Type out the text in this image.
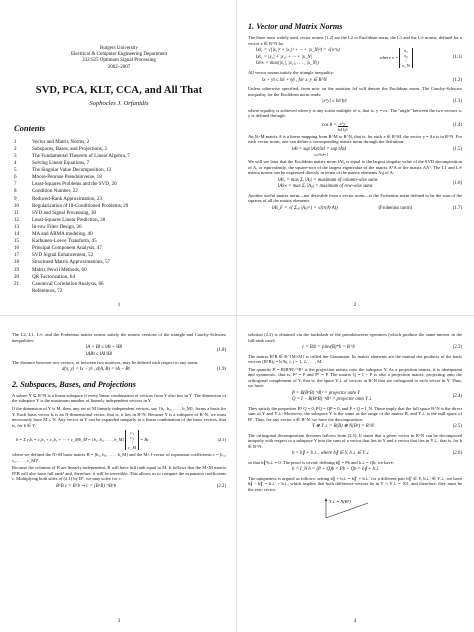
Rutgers University
Electrical & Computer Engineering Department
332:525 Optimum Signal Processing
2002–2007
SVD, PCA, KLT, CCA, and All That
Sophocles J. Orfanidis
Contents
1	Vector and Matrix Norms, 2
2	Subspaces, Bases, and Projections, 3
3	The Fundamental Theorem of Linear Algebra, 7
4	Solving Linear Equations, 7
5	The Singular Value Decomposition, 13
6	Moore-Penrose Pseudoinverse, 18
7	Least-Squares Problems and the SVD, 20
8	Condition Number, 22
9	Reduced-Rank Approximation, 23
10	Regularization of Ill-Conditioned Problems, 29
11	SVD and Signal Processing, 30
12	Least-Squares Linear Prediction, 38
13	In-row Filter Design, 36
14	MA and ARMA modeling, 40
15	Karhunen-Loeve Transform, 45
16	Principal Component Analysis, 47
17	SVD Signal Enhancement, 52
18	Structured Matrix Approximations, 57
19	Matrix Pencil Methods, 60
20	QR Factorization, 64
21	Canonical Correlation Analysis, 66
References, 72
1
1. Vector and Matrix Norms

The three most widely used vector norms [1,2] are the L2 or Euclidean norm, the L1 and the L∞ norms, defined for a vector x ∈ R^N by:

‖x‖₂ = √(|x₁|² + |x₂|² + ··· + |x_N|²) = √(xᵀx)
‖x‖₁ = |x₁| + |x₂| + ··· + |x_N|
‖x‖∞ = max(|x₁|, |x₂|, . . . , |x_N|)
where x =

x₁
x₂
⋮
x_N
(1.1)

All vector norms satisfy the triangle inequality:

‖x + y‖ ≤ ‖x‖ + ‖y‖ , for x, y ∈ R^N	(1.2)

Unless otherwise specified, from now on the notation ‖x‖ will denote the Euclidean norm. The Cauchy-Schwarz inequality for the Euclidean norm reads:

|xᵀy| ≤ ‖x‖ ‖y‖	(1.3)

where equality is achieved when y is any scalar multiple of x, that is, y = cx. The "angle" between the two vectors x, y is defined through:

cos θ =
$\frac{\text{xᵀy}}{‖x‖ ‖y‖}$	(1.4)

An N×M matrix A is a linear mapping from R^M to R^N, that is, for each x ∈ R^M, the vector y = Ax is in R^N. For each vector norm, one can define a corresponding matrix norm through the definition:

‖A‖ = sup ‖Ax‖/‖x‖ = sup ‖Ax‖
x≠0 ‖x‖=1
(1.5)

We will see later that the Euclidean matrix norm ‖A‖₂ is equal to the largest singular value of the SVD decomposition of A, or equivalently, the square-root of the largest eigenvalue of the matrix AᵀA or the matrix AAᵀ. The L1 and L∞ matrix norms can be expressed directly in terms of the matrix elements Aij of A:

‖A‖₁ = max Σᵢ |Aᵢⱼ| = maximum of column-wise sums
‖A‖∞ = max Σⱼ |Aᵢⱼ| = maximum of row-wise sums
(1.6)

Another useful matrix norm—not derivable from a vector norm—is the Frobenius norm defined to be the sum of the squares of all the matrix elements:

‖A‖_F = √( Σᵢ,ⱼ |Aᵢⱼ|² ) = √(tr(AᵀA))	(Frobenius norm)	(1.7)
2

The L2, L1, L∞, and the Frobenius matrix norms satisfy the matrix versions of the triangle and Cauchy-Schwarz inequalities:

‖A + B‖ ≤ ‖A‖ + ‖B‖
‖AB‖ ≤ ‖A‖ ‖B‖
(1.8)

The distance between two vectors, or between two matrices, may be defined with respect to any norm:

d(x, y) = ‖x − y‖ , d(A, B) = ‖A − B‖	(1.9)
2. Subspaces, Bases, and Projections

A subset Y ⊆ R^N is a linear subspace if every linear combination of vectors from Y also lies in Y. The dimension of the subspace Y is the maximum number of linearly independent vectors in Y.

If the dimension of Y is M, then, any set of M linearly independent vectors, say {b₁, b₂, . . . , b_M}, forms a basis for Y. Each basis vector bᵢ is an N-dimensional vector, that is, it lies in R^N. Because Y is a subspace of R^N, we must necessarily have M ≤ N. Any vector in Y can be expanded uniquely as a linear combination of the basis vectors, that is, for b ∈ Y:

b = Σ cᵢbᵢ = c₁b₁ + c₂b₂ + ··· + c_Mb_M = [b₁, b₂, . . . , b_M]

c₁
c₂
⋮
c_M

= Bc	(2.1)

where we defined the N×M basis matrix B = [b₁, b₂, . . . , b_M] and the M×1 vector of expansion coefficients c = [c₁, c₂, . . . , c_M]ᵀ.

Because the columns of B are linearly independent, B will have full rank equal to M. It follows that the M×M matrix BᵀB will also have full rank¹ and, therefore, it will be invertible. This allows us to compute the expansion coefficients c. Multiplying both sides of (2.1) by Bᵀ, we may solve for c:

BᵀB c = Bᵀb ⇒ c = (BᵀB)⁻¹Bᵀb	(2.2)
3

solution (2.2) is obtained via the backslash or the pseudoinverse operators (which produce the same answer in the full-rank case):

c = B\b = pinv(B)*b = B⁺b	(2.3)

The matrix BᵀB ∈ R^{M×M} is called the Grammian. Its matrix elements are the mutual dot products of the basis vectors (BᵀB)ᵢⱼ = bᵢᵀbⱼ, i, j = 1, 2, . . . , M.

The quantity P = B(BᵀB)⁻¹Bᵀ is the projection matrix onto the subspace Y. As a projection matrix, it is idempotent and symmetric, that is, P² = P and Pᵀ = P. The matrix Q = I − P is also a projection matrix, projecting onto the orthogonal complement of Y, that is, the space Y⊥ of vectors in R^N that are orthogonal to each vector in Y. Thus, we have:

P = B(BᵀB)⁻¹Bᵀ = projector onto Y
Q = I − B(BᵀB)⁻¹Bᵀ = projector onto Y⊥
(2.4)

They satisfy the properties Bᵀ Q = 0, PQ = QP = 0, and P + Q = I_N. These imply that the full space R^N is the direct sum of Y and Y⊥. Moreover, the subspace Y is the same as the range of the matrix B, and Y⊥ is the null space of Bᵀ. Thus, for any vector x ∈ R^N, we have the decomposition:

Y ⊕ Y⊥ = R(B) ⊕ N(Bᵀ) = R^N	(2.5)

The orthogonal decomposition theorem follows from (2.5). It states that a given vector in R^N can be decomposed uniquely with respect to a subspace Y into the sum of a vector that lies in Y and a vector that lies in Y⊥, that is, for b ∈ R^N:

b = b∥ + b⊥ , where b∥ ∈ Y, b⊥ ∈ Y⊥	(2.6)

so that b∥ᵀb⊥ = 0. The proof is trivial; defining b∥ = Pb and b⊥ = Qb, we have:

b = I_N b = (P + Q)b = Pb + Qb = b∥ + b⊥

The uniqueness is argued as follows: setting b∥ + b⊥ = b∥′ + b⊥′ for a different pair b∥′ ∈ Y, b⊥′ ∈ Y⊥, we have b∥ − b∥′ = b⊥′ − b⊥, which implies that both difference vectors lie in Y ∩ Y⊥ = {0}, and therefore, they must be the zero vector.

Y⊥ = N(Bᵀ)
4
